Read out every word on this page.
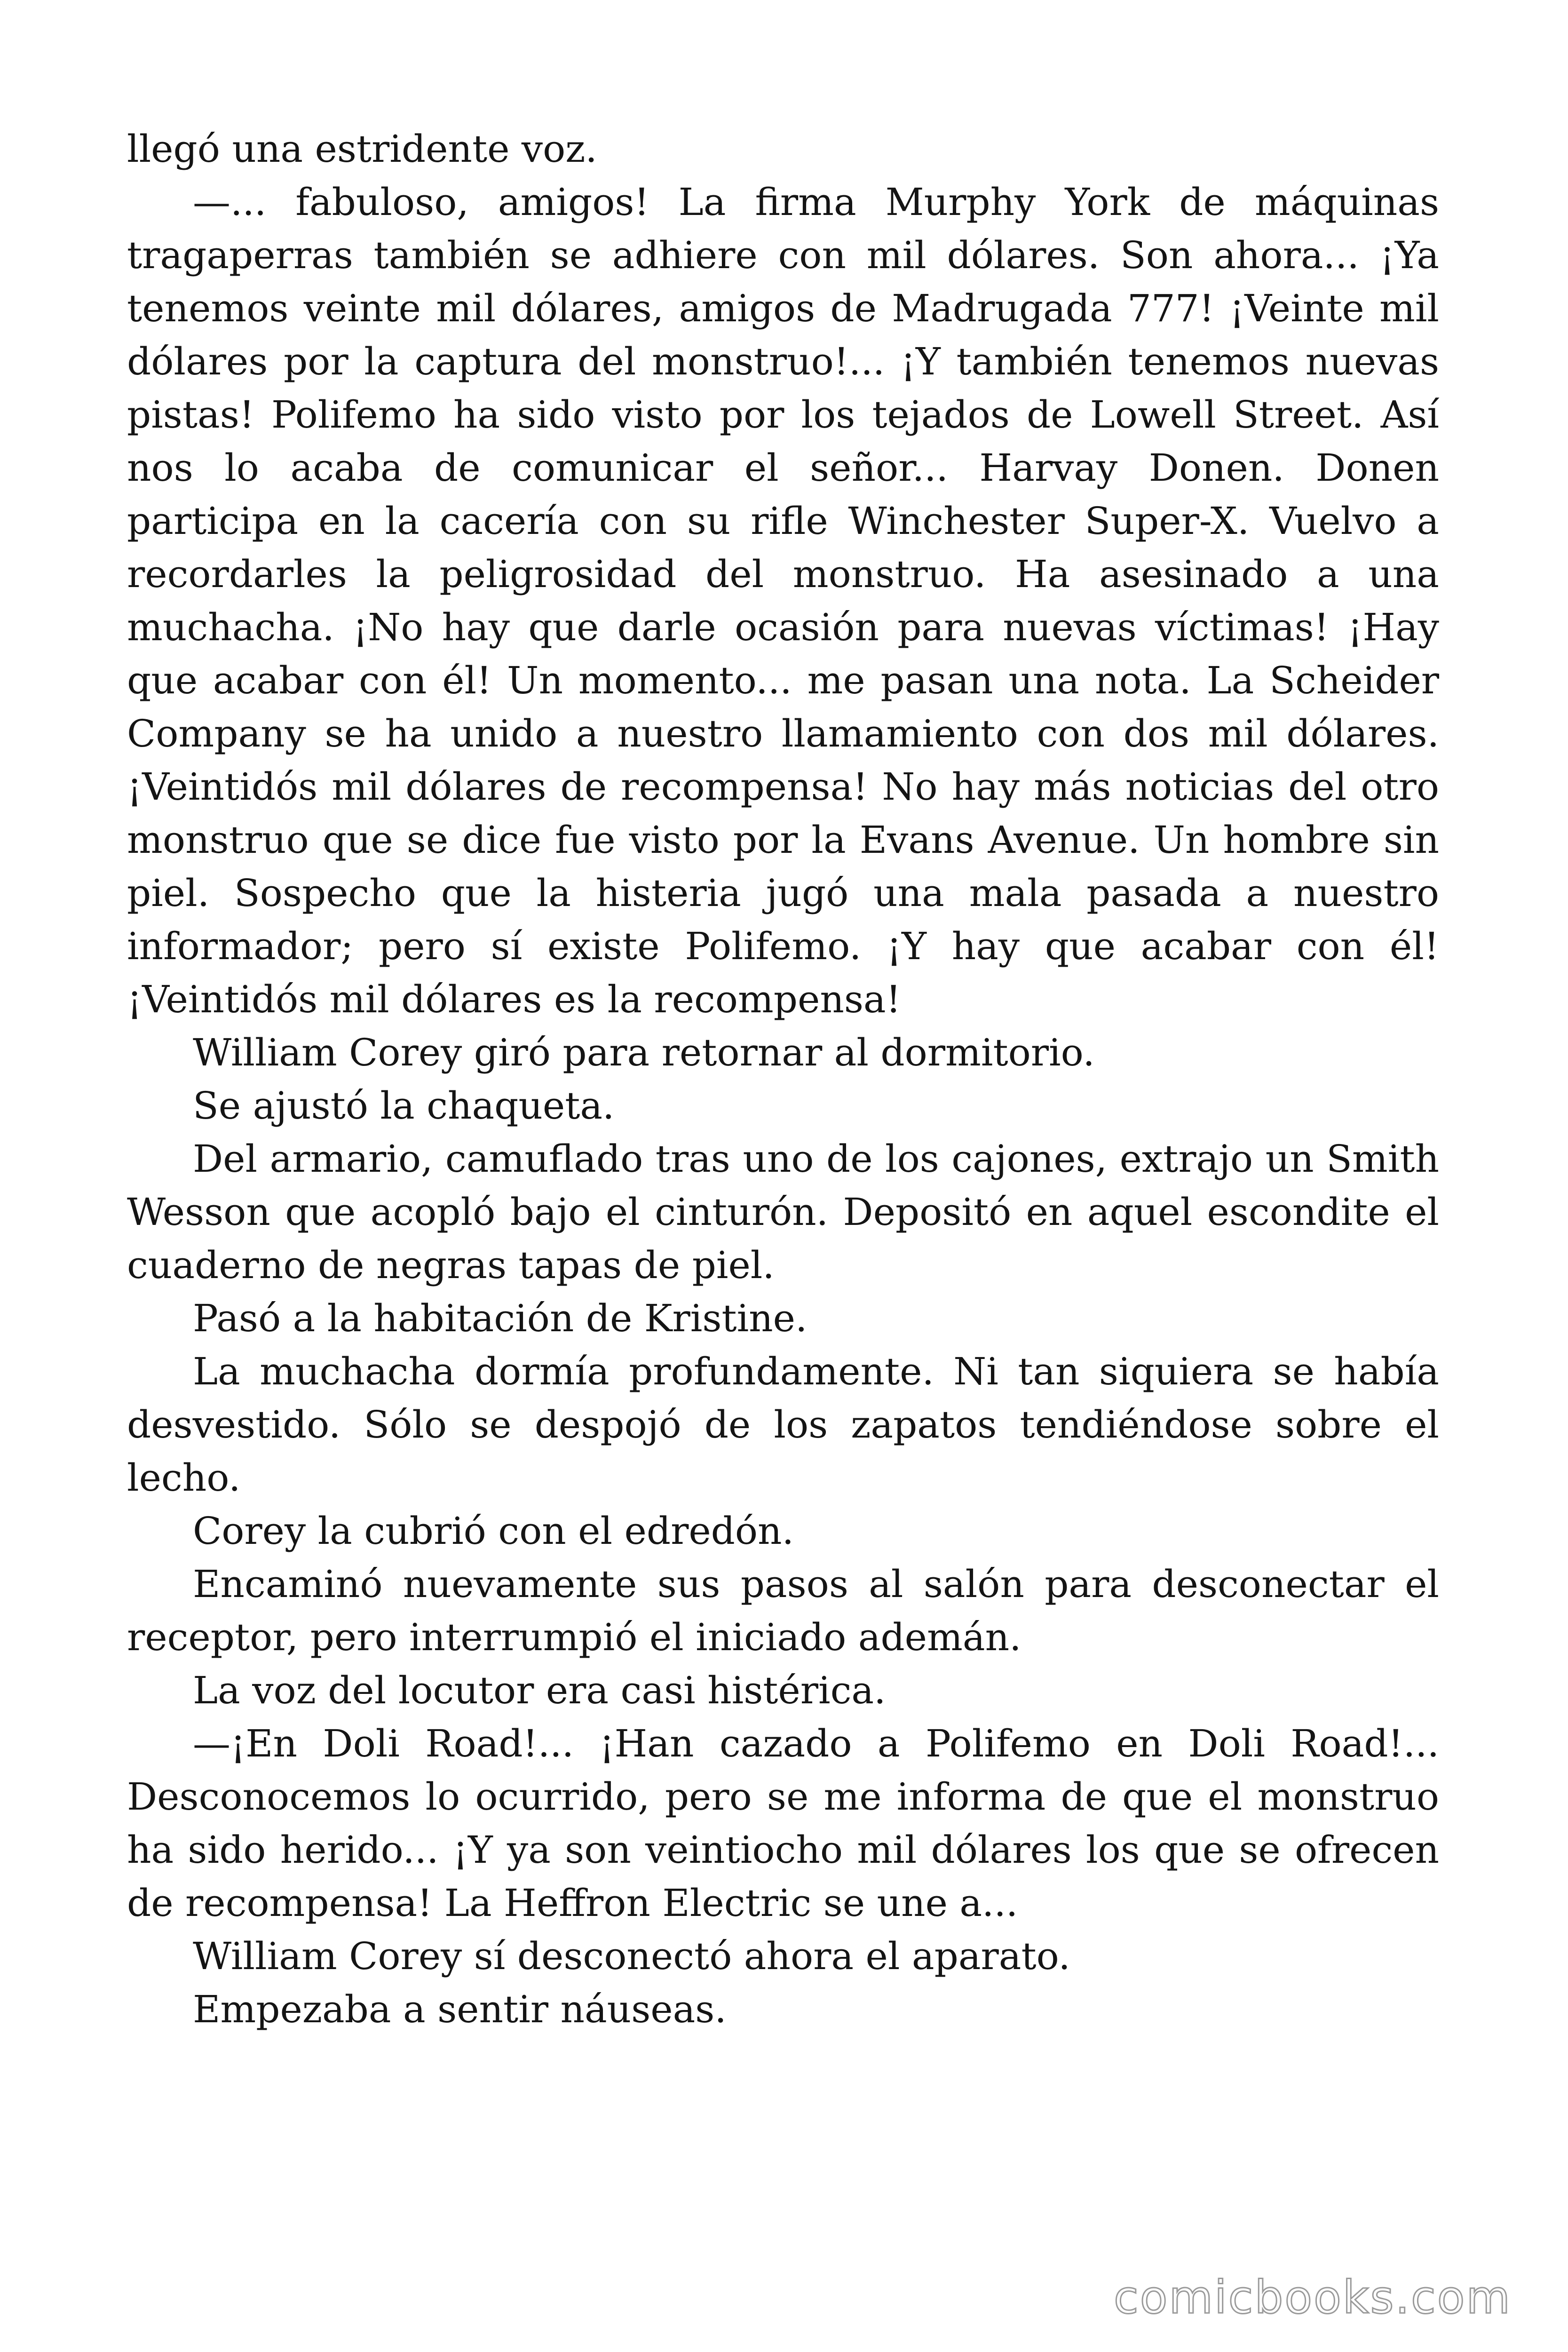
llegó una estridente voz.

—... fabuloso, amigos! La firma Murphy York de máquinas tragaperras también se adhiere con mil dólares. Son ahora... ¡Ya tenemos veinte mil dólares, amigos de Madrugada 777! ¡Veinte mil dólares por la captura del monstruo!... ¡Y también tenemos nuevas pistas! Polifemo ha sido visto por los tejados de Lowell Street. Así nos lo acaba de comunicar el señor... Harvay Donen. Donen participa en la cacería con su rifle Winchester Super-X. Vuelvo a recordarles la peligrosidad del monstruo. Ha asesinado a una muchacha. ¡No hay que darle ocasión para nuevas víctimas! ¡Hay que acabar con él! Un momento... me pasan una nota. La Scheider Company se ha unido a nuestro llamamiento con dos mil dólares. ¡Veintidós mil dólares de recompensa! No hay más noticias del otro monstruo que se dice fue visto por la Evans Avenue. Un hombre sin piel. Sospecho que la histeria jugó una mala pasada a nuestro informador; pero sí existe Polifemo. ¡Y hay que acabar con él! ¡Veintidós mil dólares es la recompensa!

William Corey giró para retornar al dormitorio.

Se ajustó la chaqueta.

Del armario, camuflado tras uno de los cajones, extrajo un Smith Wesson que acopló bajo el cinturón. Depositó en aquel escondite el cuaderno de negras tapas de piel.

Pasó a la habitación de Kristine.

La muchacha dormía profundamente. Ni tan siquiera se había desvestido. Sólo se despojó de los zapatos tendiéndose sobre el lecho.

Corey la cubrió con el edredón.

Encaminó nuevamente sus pasos al salón para desconectar el receptor, pero interrumpió el iniciado ademán.

La voz del locutor era casi histérica.

—¡En Doli Road!... ¡Han cazado a Polifemo en Doli Road!... Desconocemos lo ocurrido, pero se me informa de que el monstruo ha sido herido... ¡Y ya son veintiocho mil dólares los que se ofrecen de recompensa! La Heffron Electric se une a...

William Corey sí desconectó ahora el aparato.

Empezaba a sentir náuseas.

comicbooks.com
